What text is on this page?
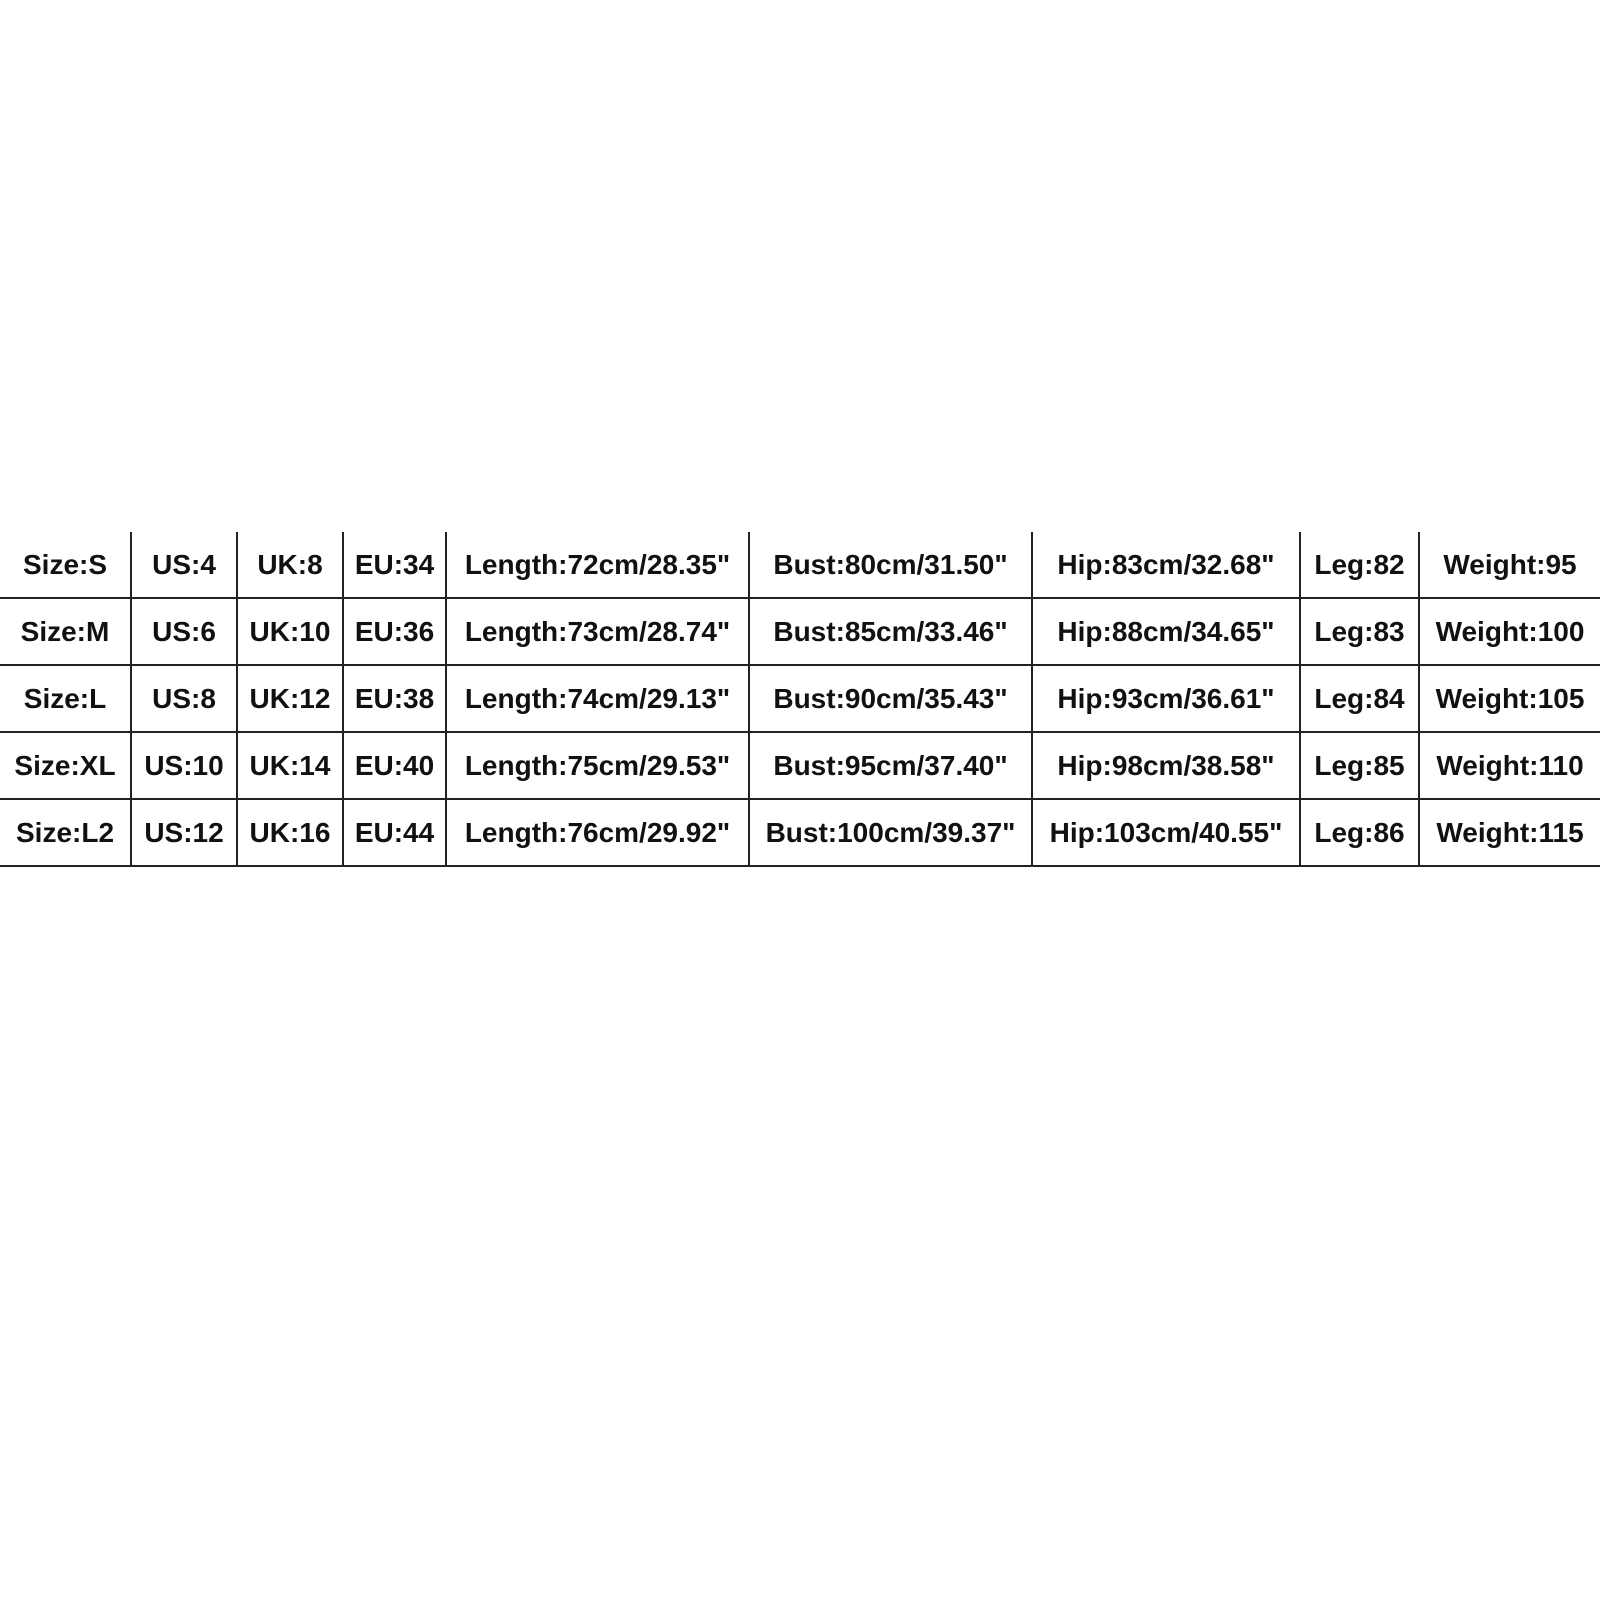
Size:S	US:4	UK:8	EU:34	Length:72cm/28.35"	Bust:80cm/31.50"	Hip:83cm/32.68"	Leg:82	Weight:95
Size:M	US:6	UK:10	EU:36	Length:73cm/28.74"	Bust:85cm/33.46"	Hip:88cm/34.65"	Leg:83	Weight:100
Size:L	US:8	UK:12	EU:38	Length:74cm/29.13"	Bust:90cm/35.43"	Hip:93cm/36.61"	Leg:84	Weight:105
Size:XL	US:10	UK:14	EU:40	Length:75cm/29.53"	Bust:95cm/37.40"	Hip:98cm/38.58"	Leg:85	Weight:110
Size:L2	US:12	UK:16	EU:44	Length:76cm/29.92"	Bust:100cm/39.37"	Hip:103cm/40.55"	Leg:86	Weight:115
